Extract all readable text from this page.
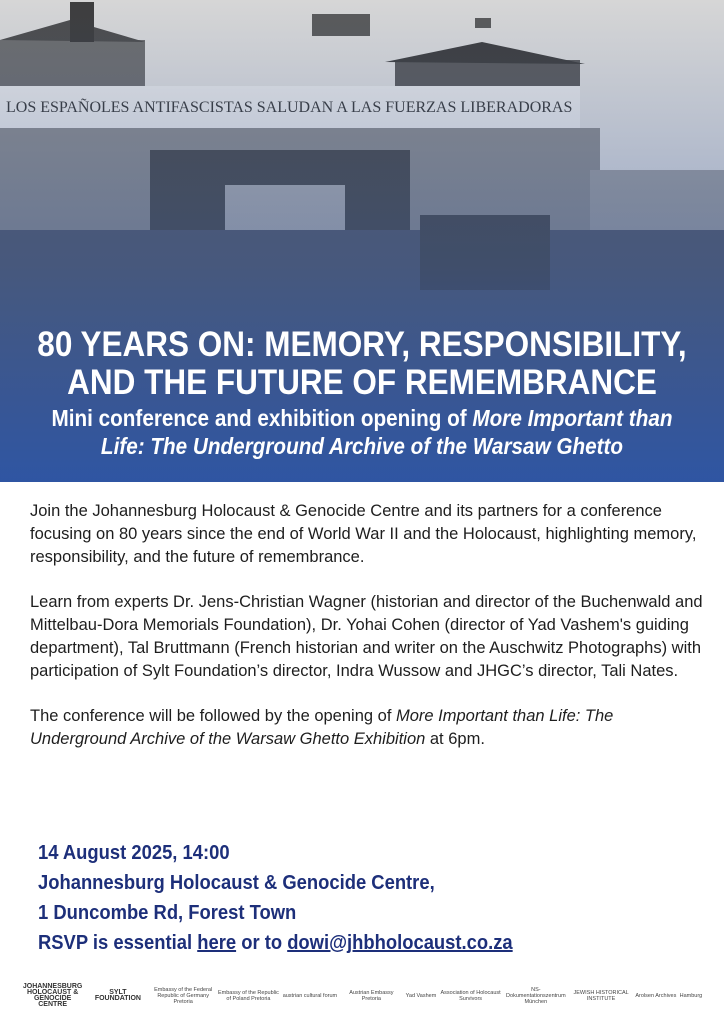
80 YEARS ON: MEMORY, RESPONSIBILITY,
AND THE FUTURE OF REMEMBRANCE
Mini conference and exhibition opening of More Important than
Life: The Underground Archive of the Warsaw Ghetto

Join the Johannesburg Holocaust & Genocide Centre and its partners for a conference focusing on 80 years since the end of World War II and the Holocaust, highlighting memory, responsibility, and the future of remembrance.

Learn from experts Dr. Jens-Christian Wagner (historian and director of the Buchenwald and Mittelbau-Dora Memorials Foundation), Dr. Yohai Cohen (director of Yad Vashem's guiding department), Tal Bruttmann (French historian and writer on the Auschwitz Photographs) with participation of Sylt Foundation’s director, Indra Wussow and JHGC’s director, Tali Nates.

The conference will be followed by the opening of More Important than Life: The Underground Archive of the Warsaw Ghetto Exhibition at 6pm.

14 August 2025, 14:00
Johannesburg Holocaust & Genocide Centre,
1 Duncombe Rd, Forest Town
RSVP is essential here or to dowi@jhbholocaust.co.za
JOHANNESBURG HOLOCAUST & GENOCIDE CENTRE
SYLT FOUNDATION
Embassy of the Federal Republic of Germany Pretoria
Embassy of the Republic of Poland Pretoria	austrian cultural forum	Austrian Embassy Pretoria	Yad Vashem Association of Holocaust Survivors
NS-Dokumentationszentrum München
JEWISH HISTORICAL INSTITUTE	Arolsen Archives Hamburg
